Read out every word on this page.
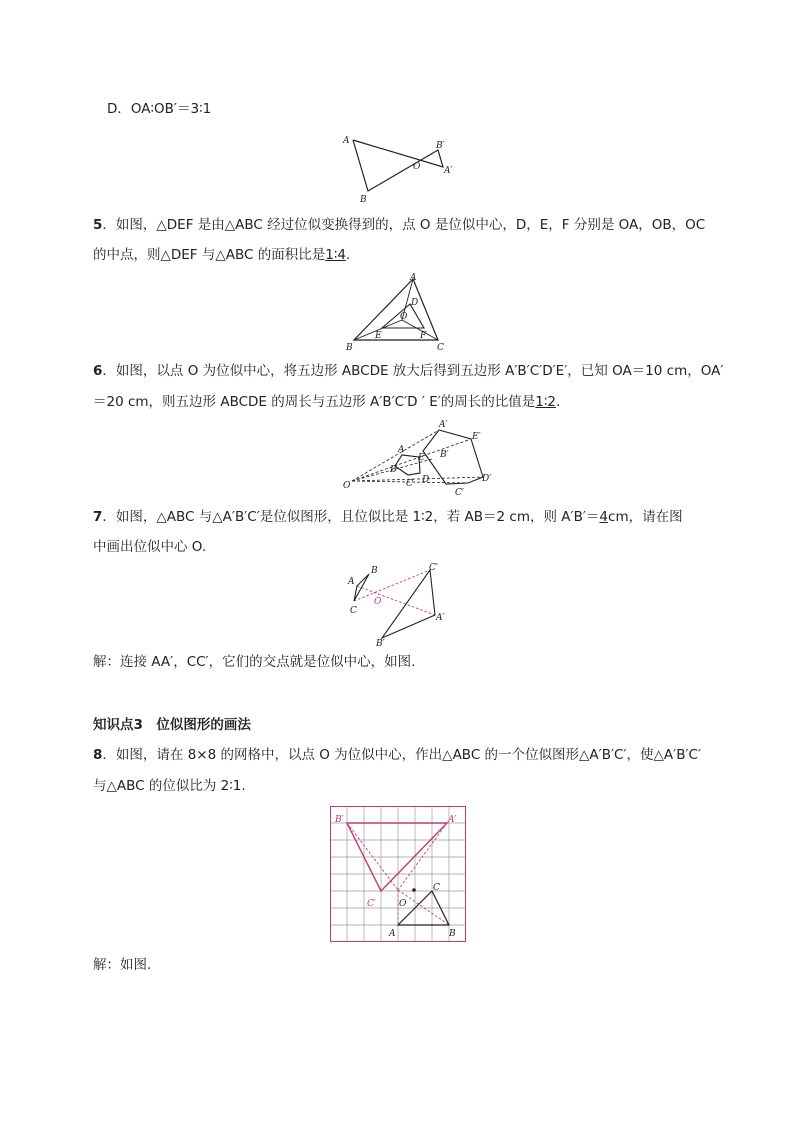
D．OA∶OB′＝3∶1
A
B
O
B′
A′
5．如图，△DEF 是由△ABC 经过位似变换得到的，点 O 是位似中心，D，E，F 分别是 OA，OB，OC
的中点，则△DEF 与△ABC 的面积比是1∶4.
A
B	C
D
E	F
O
6．如图，以点 O 为位似中心，将五边形 ABCDE 放大后得到五边形 A′B′C′D′E′，已知 OA＝10 cm，OA′
＝20 cm，则五边形 ABCDE 的周长与五边形 A′B′C′D ′ E′的周长的比值是1∶2.
A
B
C D
E
O
A′
B′
C′
D′
E′
7．如图，△ABC 与△A′B′C′是位似图形，且位似比是 1∶2，若 AB＝2 cm，则 A′B′＝4cm，请在图
中画出位似中心 O.
A
B
C
O
C′
A′
B′
解：连接 AA′，CC′，它们的交点就是位似中心，如图.
知识点3　位似图形的画法
8．如图，请在 8×8 的网格中，以点 O 为位似中心，作出△ABC 的一个位似图形△A′B′C′，使△A′B′C′
与△ABC 的位似比为 2∶1.
B′	A′
C′	O
C
A	B
解：如图.
